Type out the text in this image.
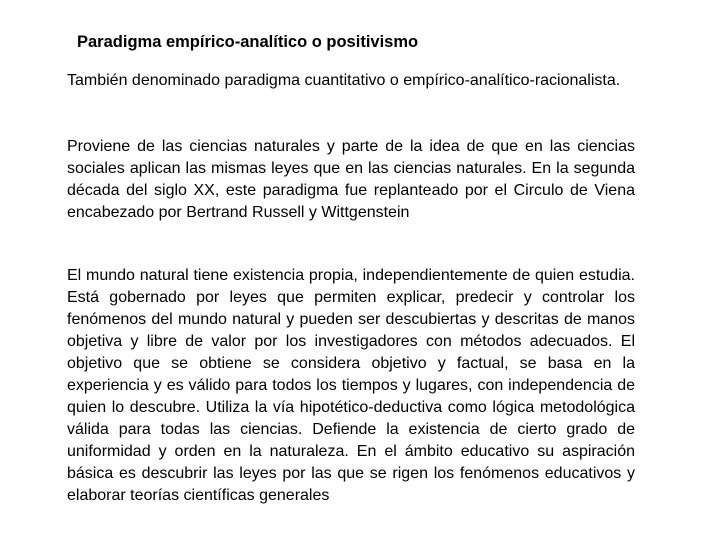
Paradigma empírico-analítico o positivismo
También denominado paradigma cuantitativo o empírico-analítico-racionalista.
Proviene de las ciencias naturales y parte de la idea de que en las ciencias sociales aplican las mismas leyes que en las ciencias naturales. En la segunda década del siglo XX, este paradigma fue replanteado por el Circulo de Viena encabezado por Bertrand Russell y Wittgenstein
El mundo natural tiene existencia propia, independientemente de quien estudia. Está gobernado por leyes que permiten explicar, predecir y controlar los fenómenos del mundo natural y pueden ser descubiertas y descritas de manos objetiva y libre de valor por los investigadores con métodos adecuados. El objetivo que se obtiene se considera objetivo y factual, se basa en la experiencia y es válido para todos los tiempos y lugares, con independencia de quien lo descubre. Utiliza la vía hipotético-deductiva como lógica metodológica válida para todas las ciencias. Defiende la existencia de cierto grado de uniformidad y orden en la naturaleza. En el ámbito educativo su aspiración básica es descubrir las leyes por las que se rigen los fenómenos educativos y elaborar teorías científicas generales
